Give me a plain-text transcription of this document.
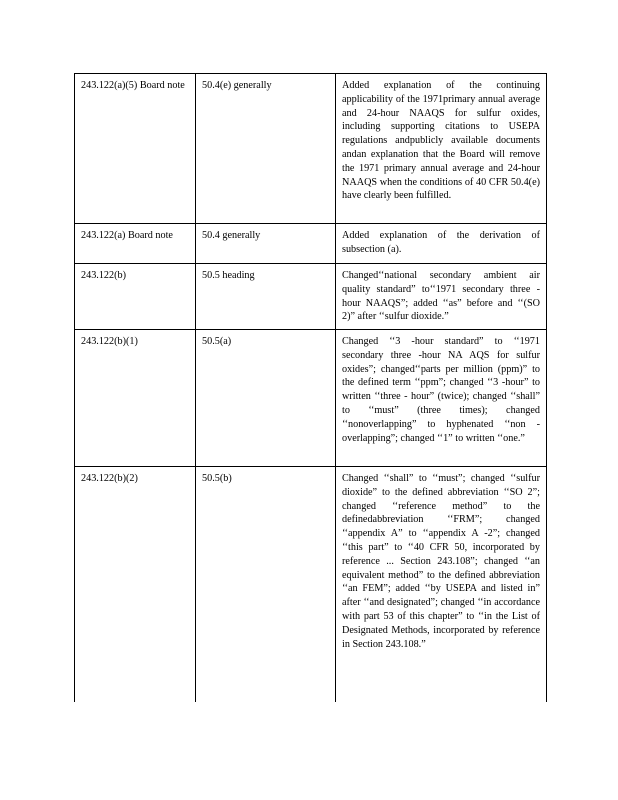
243.122(a)(5) Board note	50.4(e) generally	Added explanation of the continuing applicability of the 1971primary annual average and 24-hour NAAQS for sulfur oxides, including supporting citations to USEPA regulations andpublicly available documents andan explanation that the Board will remove the 1971 primary annual average and 24-hour NAAQS when the conditions of 40 CFR 50.4(e) have clearly been fulfilled.
243.122(a) Board note	50.4 generally	Added explanation of the derivation of subsection (a).
243.122(b)	50.5 heading	Changed‘‘national secondary ambient air quality standard” to‘‘1971 secondary three -hour NAAQS”; added ‘‘as” before and ‘‘(SO 2)” after ‘‘sulfur dioxide.”
243.122(b)(1)	50.5(a)	Changed ‘‘3 -hour standard” to ‘‘1971 secondary three -hour NA AQS for sulfur oxides”; changed‘‘parts per million (ppm)” to the defined term ‘‘ppm”; changed ‘‘3 -hour” to written ‘‘three - hour” (twice); changed ‘‘shall” to ‘‘must” (three times); changed ‘‘nonoverlapping” to hyphenated ‘‘non -overlapping”; changed ‘‘1” to written ‘‘one.”
243.122(b)(2)	50.5(b)	Changed ‘‘shall” to ‘‘must”; changed ‘‘sulfur dioxide” to the defined abbreviation ‘‘SO 2”; changed ‘‘reference method” to the definedabbreviation ‘‘FRM”; changed ‘‘appendix A” to ‘‘appendix A -2”; changed ‘‘this part” to ‘‘40 CFR 50, incorporated by reference ... Section 243.108”; changed ‘‘an equivalent method” to the defined abbreviation ‘‘an FEM”; added ‘‘by USEPA and listed in” after ‘‘and designated”; changed ‘‘in accordance with part 53 of this chapter” to ‘‘in the List of Designated Methods, incorporated by reference in Section 243.108.”
